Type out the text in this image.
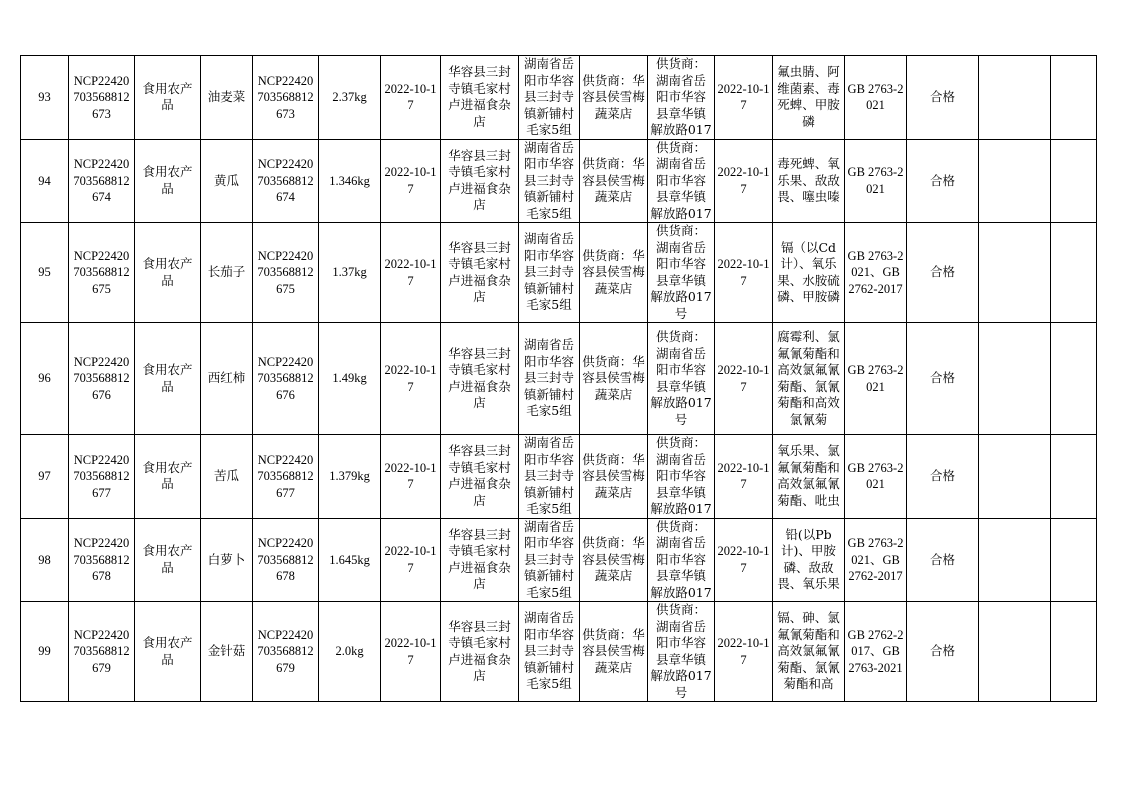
93	NCP22420703568812673	食用农产品	油麦菜	NCP22420703568812673	2.37kg	2022-10-17	华容县三封寺镇毛家村卢进福食杂店	湖南省岳阳市华容县三封寺镇新铺村毛家5组	供货商：华容县侯雪梅蔬菜店	供货商：湖南省岳阳市华容县章华镇解放路017	2022-10-17	氟虫腈、阿维菌素、毒死蜱、甲胺磷	GB 2763-2021	合格		
94	NCP22420703568812674	食用农产品	黄瓜	NCP22420703568812674	1.346kg	2022-10-17	华容县三封寺镇毛家村卢进福食杂店	湖南省岳阳市华容县三封寺镇新铺村毛家5组	供货商：华容县侯雪梅蔬菜店	供货商：湖南省岳阳市华容县章华镇解放路017	2022-10-17	毒死蜱、氧乐果、敌敌畏、噻虫嗪	GB 2763-2021	合格		
95	NCP22420703568812675	食用农产品	长茄子	NCP22420703568812675	1.37kg	2022-10-17	华容县三封寺镇毛家村卢进福食杂店	湖南省岳阳市华容县三封寺镇新铺村毛家5组	供货商：华容县侯雪梅蔬菜店	供货商：湖南省岳阳市华容县章华镇解放路017号	2022-10-17	镉（以Cd计）、氧乐果、水胺硫磷、甲胺磷	GB 2763-2021、GB 2762-2017	合格		
96	NCP22420703568812676	食用农产品	西红柿	NCP22420703568812676	1.49kg	2022-10-17	华容县三封寺镇毛家村卢进福食杂店	湖南省岳阳市华容县三封寺镇新铺村毛家5组	供货商：华容县侯雪梅蔬菜店	供货商：湖南省岳阳市华容县章华镇解放路017号	2022-10-17	腐霉利、氯氟氰菊酯和高效氯氟氰菊酯、氯氰菊酯和高效氯氰菊	GB 2763-2021	合格		
97	NCP22420703568812677	食用农产品	苦瓜	NCP22420703568812677	1.379kg	2022-10-17	华容县三封寺镇毛家村卢进福食杂店	湖南省岳阳市华容县三封寺镇新铺村毛家5组	供货商：华容县侯雪梅蔬菜店	供货商：湖南省岳阳市华容县章华镇解放路017	2022-10-17	氧乐果、氯氟氰菊酯和高效氯氟氰菊酯、吡虫	GB 2763-2021	合格		
98	NCP22420703568812678	食用农产品	白萝卜	NCP22420703568812678	1.645kg	2022-10-17	华容县三封寺镇毛家村卢进福食杂店	湖南省岳阳市华容县三封寺镇新铺村毛家5组	供货商：华容县侯雪梅蔬菜店	供货商：湖南省岳阳市华容县章华镇解放路017	2022-10-17	铅(以Pb计)、甲胺磷、敌敌畏、氧乐果	GB 2763-2021、GB 2762-2017	合格		
99	NCP22420703568812679	食用农产品	金针菇	NCP22420703568812679	2.0kg	2022-10-17	华容县三封寺镇毛家村卢进福食杂店	湖南省岳阳市华容县三封寺镇新铺村毛家5组	供货商：华容县侯雪梅蔬菜店	供货商：湖南省岳阳市华容县章华镇解放路017号	2022-10-17	镉、砷、氯氟氰菊酯和高效氯氟氰菊酯、氯氰菊酯和高	GB 2762-2017、GB 2763-2021	合格		
